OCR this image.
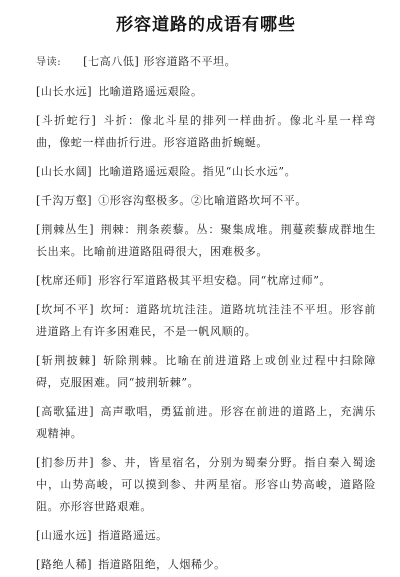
形容道路的成语有哪些

导读: [七高八低] 形容道路不平坦。

[山长水远] 比喻道路遥远艰险。

[斗折蛇行] 斗折：像北斗星的排列一样曲折。像北斗星一样弯曲，像蛇一样曲折行进。形容道路曲折蜿蜒。

[山长水阔] 比喻道路遥远艰险。指见“山长水远”。

[千沟万壑] ①形容沟壑极多。②比喻道路坎坷不平。

[荆棘丛生] 荆棘：荆条蒺藜。丛：聚集成堆。荆蔓蒺藜成群地生长出来。比喻前进道路阻碍很大，困难极多。

[枕席还师] 形容行军道路极其平坦安稳。同“枕席过师”。

[坎坷不平] 坎坷：道路坑坑洼洼。道路坑坑洼洼不平坦。形容前进道路上有许多困难民，不是一帆风顺的。

[斩荆披棘] 斩除荆棘。比喻在前进道路上或创业过程中扫除障碍，克服困难。同“披荆斩棘”。

[高歌猛进] 高声歌唱，勇猛前进。形容在前进的道路上，充满乐观精神。

[扪参历井] 参、井，皆星宿名，分别为蜀秦分野。指自秦入蜀途中，山势高峻，可以摸到参、井两星宿。形容山势高峻，道路险阻。亦形容世路艰难。

[山遥水远] 指道路遥远。

[路绝人稀] 指道路阻绝，人烟稀少。
